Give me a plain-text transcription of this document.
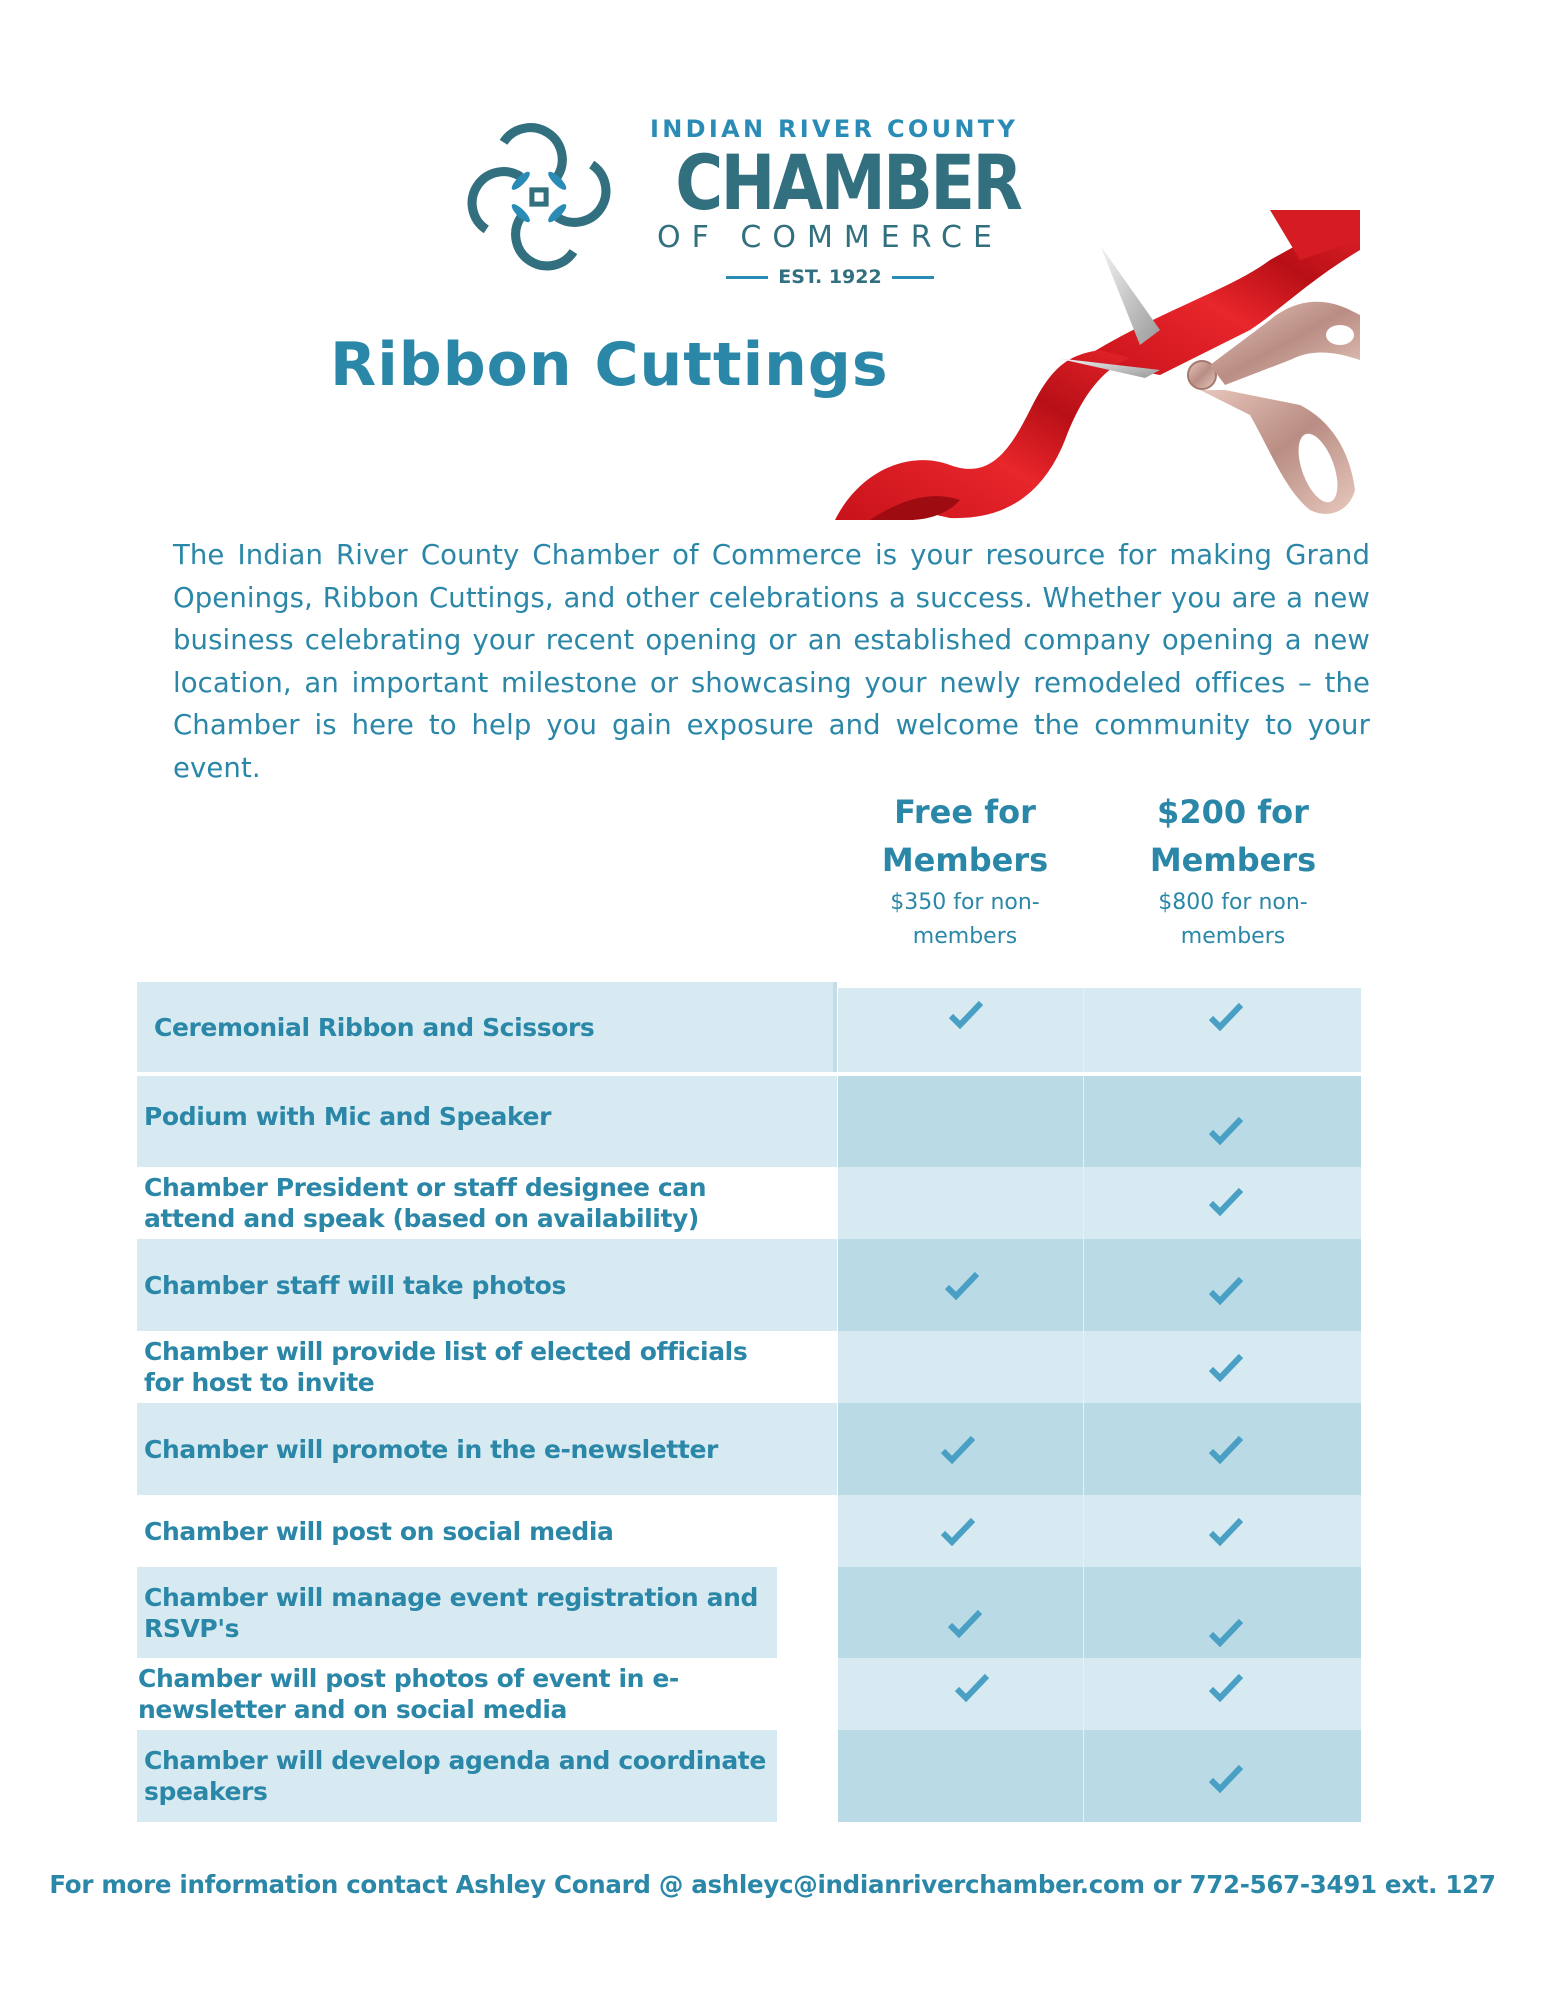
INDIAN RIVER COUNTY
CHAMBER
OF COMMERCE
EST. 1922
Ribbon Cuttings

The Indian River County Chamber of Commerce is your resource for making Grand Openings, Ribbon Cuttings, and other celebrations a success. Whether you are a new business celebrating your recent opening or an established company opening a new location, an important milestone or showcasing your newly remodeled offices – the Chamber is here to help you gain exposure and welcome the community to your event.

Free for
Members
$350 for non-
members
$200 for
Members
$800 for non-
members
Ceremonial Ribbon and Scissors
Podium with Mic and Speaker
Chamber President or staff designee can attend and speak (based on availability)
Chamber staff will take photos
Chamber will provide list of elected officials for host to invite
Chamber will promote in the e-newsletter
Chamber will post on social media
Chamber will manage event registration and RSVP's
Chamber will post photos of event in e-newsletter and on social media
Chamber will develop agenda and coordinate speakers

For more information contact Ashley Conard @ ashleyc@indianriverchamber.com or 772-567-3491 ext. 127
